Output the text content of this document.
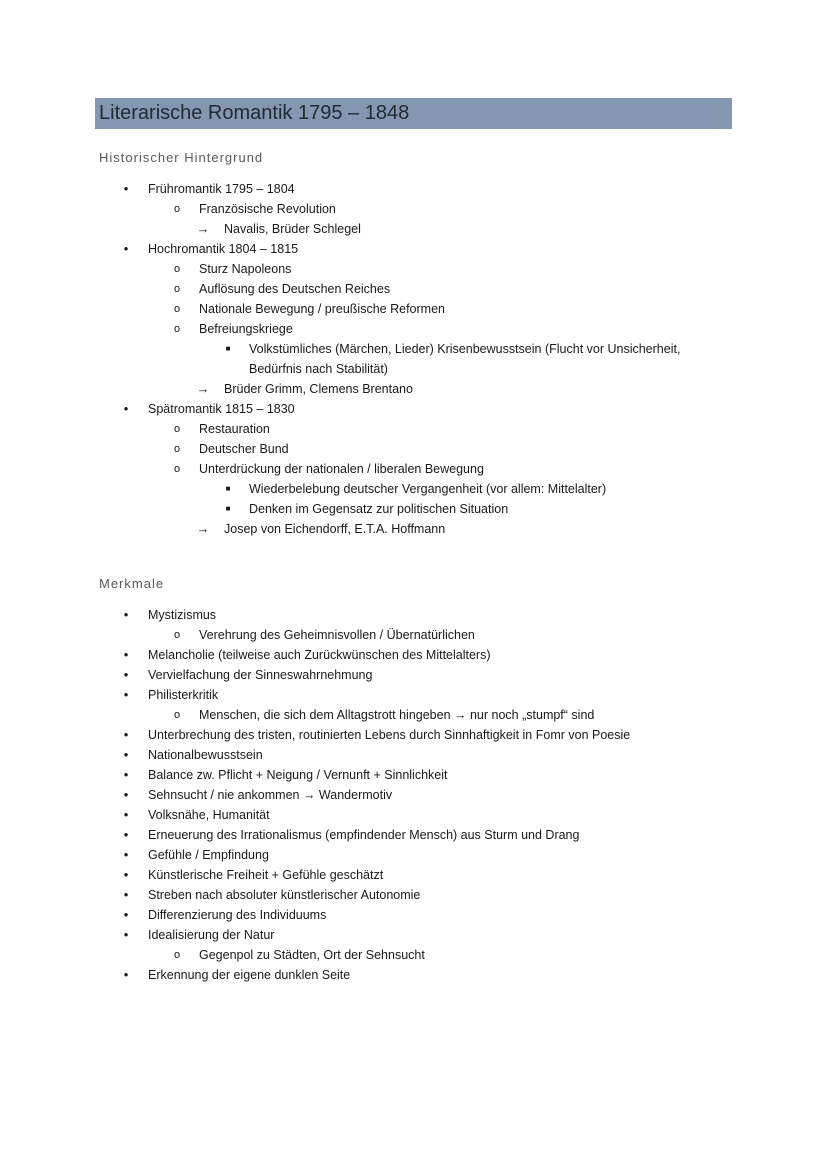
Literarische Romantik 1795 – 1848
Historischer Hintergrund
•	Frühromantik 1795 – 1804
o	Französische Revolution
→ Navalis, Brüder Schlegel
•	Hochromantik 1804 – 1815
o	Sturz Napoleons
o	Auflösung des Deutschen Reiches
o	Nationale Bewegung / preußische Reformen
o	Befreiungskriege
■	Volkstümliches (Märchen, Lieder) Krisenbewusstsein (Flucht vor Unsicherheit, Bedürfnis nach Stabilität)
→ Brüder Grimm, Clemens Brentano
•	Spätromantik 1815 – 1830
o	Restauration
o	Deutscher Bund
o	Unterdrückung der nationalen / liberalen Bewegung
■	Wiederbelebung deutscher Vergangenheit (vor allem: Mittelalter)
■	Denken im Gegensatz zur politischen Situation
→ Josep von Eichendorff, E.T.A. Hoffmann
Merkmale
•	Mystizismus
o	Verehrung des Geheimnisvollen / Übernatürlichen
•	Melancholie (teilweise auch Zurückwünschen des Mittelalters)
•	Vervielfachung der Sinneswahrnehmung
•	Philisterkritik
o	Menschen, die sich dem Alltagstrott hingeben → nur noch „stumpf“ sind
•	Unterbrechung des tristen, routinierten Lebens durch Sinnhaftigkeit in Fomr von Poesie
•	Nationalbewusstsein
•	Balance zw. Pflicht + Neigung / Vernunft + Sinnlichkeit
•	Sehnsucht / nie ankommen → Wandermotiv
•	Volksnähe, Humanität
•	Erneuerung des Irrationalismus (empfindender Mensch) aus Sturm und Drang
•	Gefühle / Empfindung
•	Künstlerische Freiheit + Gefühle geschätzt
•	Streben nach absoluter künstlerischer Autonomie
•	Differenzierung des Individuums
•	Idealisierung der Natur
o	Gegenpol zu Städten, Ort der Sehnsucht
•	Erkennung der eigene dunklen Seite
